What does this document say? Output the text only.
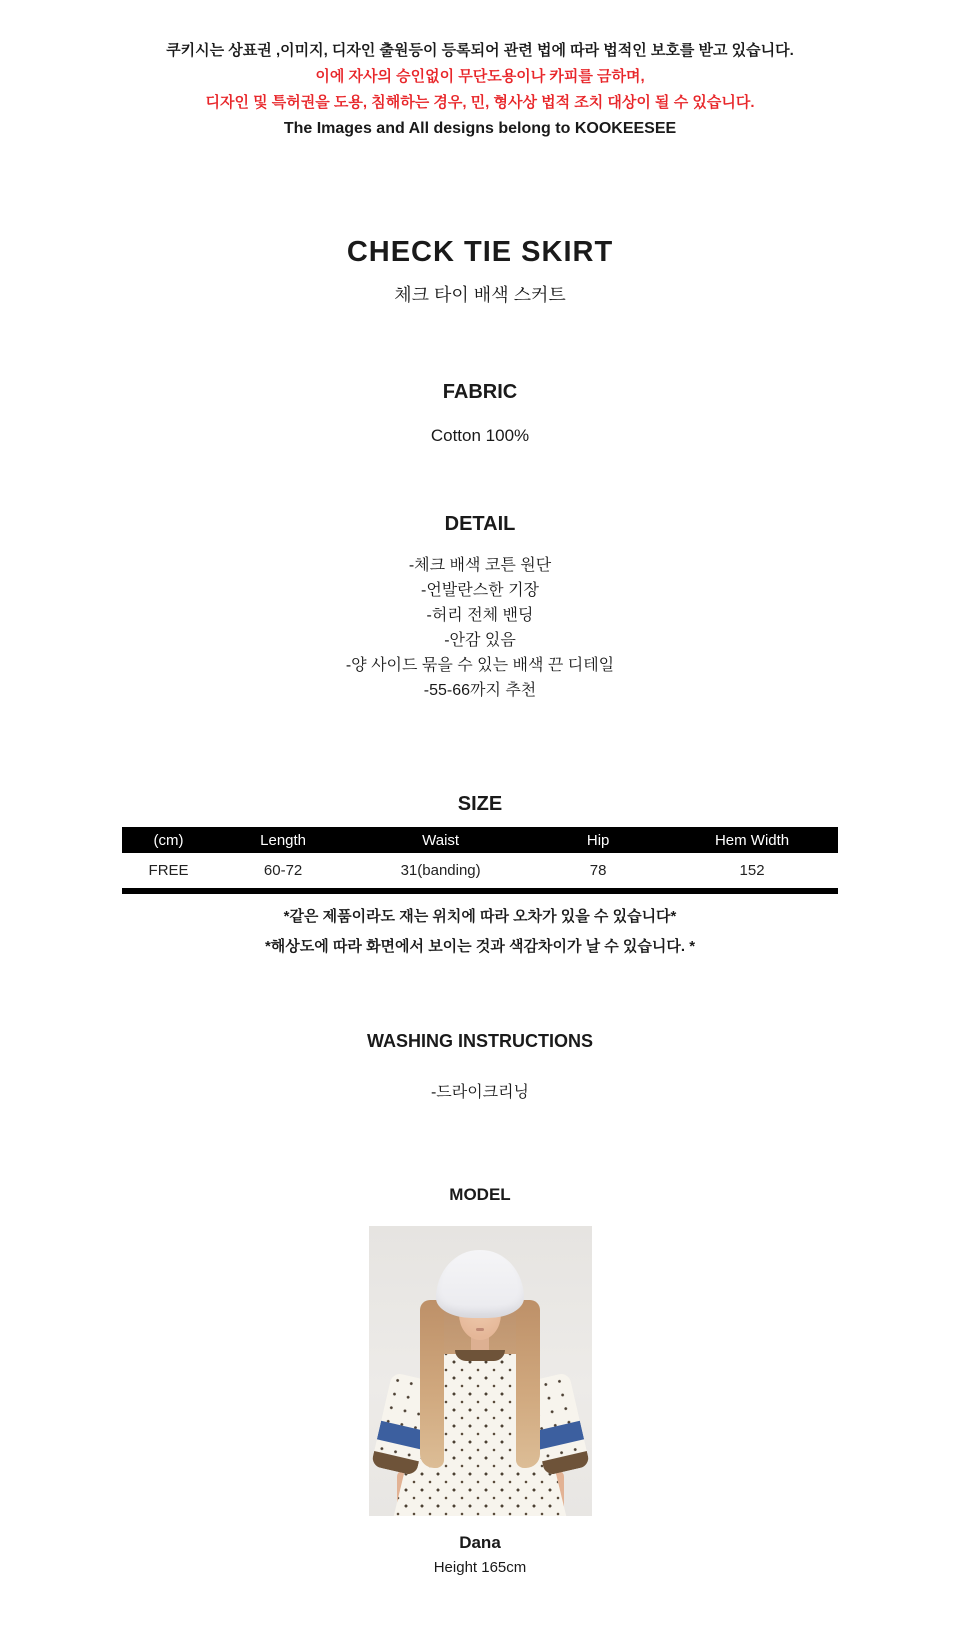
쿠키시는 상표권 ,이미지, 디자인 출원등이 등록되어 관련 법에 따라 법적인 보호를 받고 있습니다.
이에 자사의 승인없이 무단도용이나 카피를 금하며,
디자인 및 특허권을 도용, 침해하는 경우, 민, 형사상 법적 조치 대상이 될 수 있습니다.
The Images and All designs belong to KOOKEESEE
CHECK TIE SKIRT
체크 타이 배색 스커트
FABRIC
Cotton 100%
DETAIL
-체크 배색 코튼 원단
-언발란스한 기장
-허리 전체 밴딩
-안감 있음
-양 사이드 묶을 수 있는 배색 끈 디테일
-55-66까지 추천
SIZE
(cm)	Length	Waist	Hip	Hem Width
FREE	60-72	31(banding)	78	152
*같은 제품이라도 재는 위치에 따라 오차가 있을 수 있습니다*
*해상도에 따라 화면에서 보이는 것과 색감차이가 날 수 있습니다. *
WASHING INSTRUCTIONS
-드라이크리닝
MODEL
Dana
Height 165cm
